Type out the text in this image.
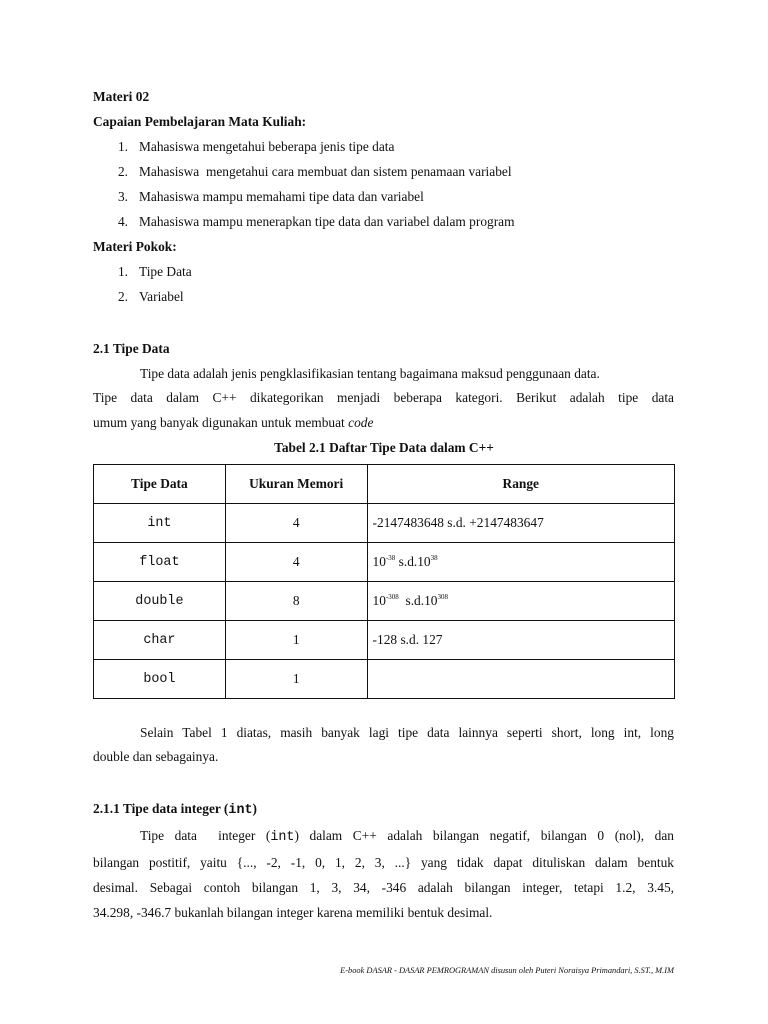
Materi 02
Capaian Pembelajaran Mata Kuliah:
1. Mahasiswa mengetahui beberapa jenis tipe data
2. Mahasiswa  mengetahui cara membuat dan sistem penamaan variabel
3. Mahasiswa mampu memahami tipe data dan variabel
4. Mahasiswa mampu menerapkan tipe data dan variabel dalam program
Materi Pokok:
1. Tipe Data
2. Variabel
2.1 Tipe Data
Tipe data adalah jenis pengklasifikasian tentang bagaimana maksud penggunaan data.
Tipe data dalam C++ dikategorikan menjadi beberapa kategori. Berikut adalah tipe data
umum yang banyak digunakan untuk membuat code
Tabel 2.1 Daftar Tipe Data dalam C++
Tipe Data	Ukuran Memori	Range
int	4	-2147483648 s.d. +2147483647
float	4	$10^{-38}$ $s.d.10^{38}$
double	8	$10^{-308}$  $s.d.10^{308}$
char	1	-128 s.d. 127
bool	1	
Selain Tabel 1 diatas, masih banyak lagi tipe data lainnya seperti short, long int, long
double dan sebagainya.
2.1.1 Tipe data integer (int)
Tipe data  integer (int) dalam C++ adalah bilangan negatif, bilangan 0 (nol), dan
bilangan postitif, yaitu {..., -2, -1, 0, 1, 2, 3, ...} yang tidak dapat dituliskan dalam bentuk
desimal. Sebagai contoh bilangan 1, 3, 34, -346 adalah bilangan integer, tetapi 1.2, 3.45,
34.298, -346.7 bukanlah bilangan integer karena memiliki bentuk desimal.
E-book DASAR - DASAR PEMROGRAMAN disusun oleh Puteri Noraisya Primandari, S.ST., M.IM
